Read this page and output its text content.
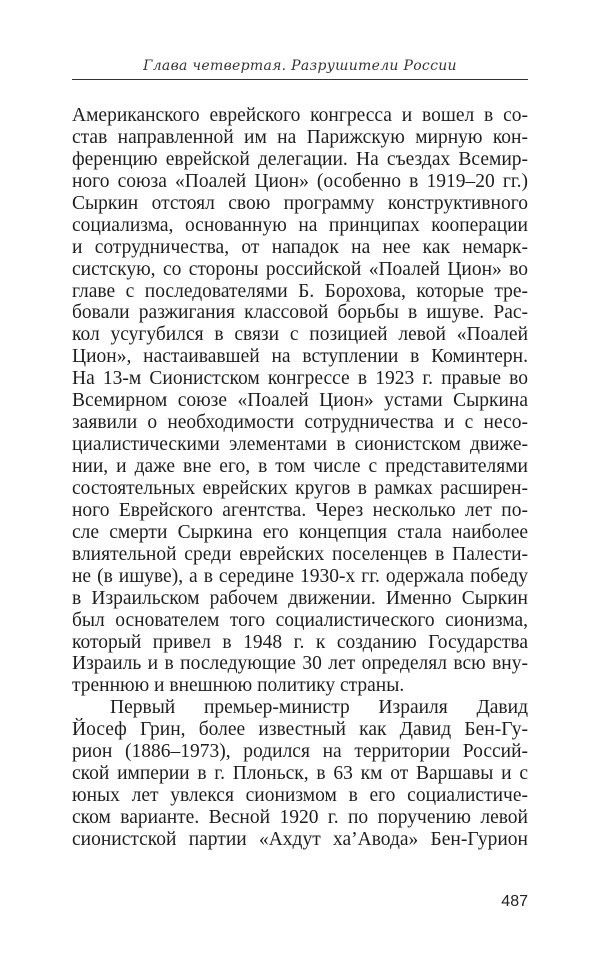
Глава четвертая. Разрушители России
Американского еврейского конгресса и вошел в со-
став направленной им на Парижскую мирную кон-
ференцию еврейской делегации. На съездах Всемир-
ного союза «Поалей Цион» (особенно в 1919–20 гг.)
Сыркин отстоял свою программу конструктивного
социализма, основанную на принципах кооперации
и сотрудничества, от нападок на нее как немарк-
систскую, со стороны российской «Поалей Цион» во
главе с последователями Б. Борохова, которые тре-
бовали разжигания классовой борьбы в ишуве. Рас-
кол усугубился в связи с позицией левой «Поалей
Цион», настаивавшей на вступлении в Коминтерн.
На 13-м Сионистском конгрессе в 1923 г. правые во
Всемирном союзе «Поалей Цион» устами Сыркина
заявили о необходимости сотрудничества и с несо-
циалистическими элементами в сионистском движе-
нии, и даже вне его, в том числе с представителями
состоятельных еврейских кругов в рамках расширен-
ного Еврейского агентства. Через несколько лет по-
сле смерти Сыркина его концепция стала наиболее
влиятельной среди еврейских поселенцев в Палести-
не (в ишуве), а в середине 1930-х гг. одержала победу
в Израильском рабочем движении. Именно Сыркин
был основателем того социалистического сионизма,
который привел в 1948 г. к созданию Государства
Израиль и в последующие 30 лет определял всю вну-
треннюю и внешнюю политику страны.
Первый премьер-министр Израиля Давид
Йосеф Грин, более известный как Давид Бен-Гу-
рион (1886–1973), родился на территории Россий-
ской империи в г. Плоньск, в 63 км от Варшавы и с
юных лет увлекся сионизмом в его социалистиче-
ском варианте. Весной 1920 г. по поручению левой
сионистской партии «Ахдут ха’Авода» Бен-Гурион
487
